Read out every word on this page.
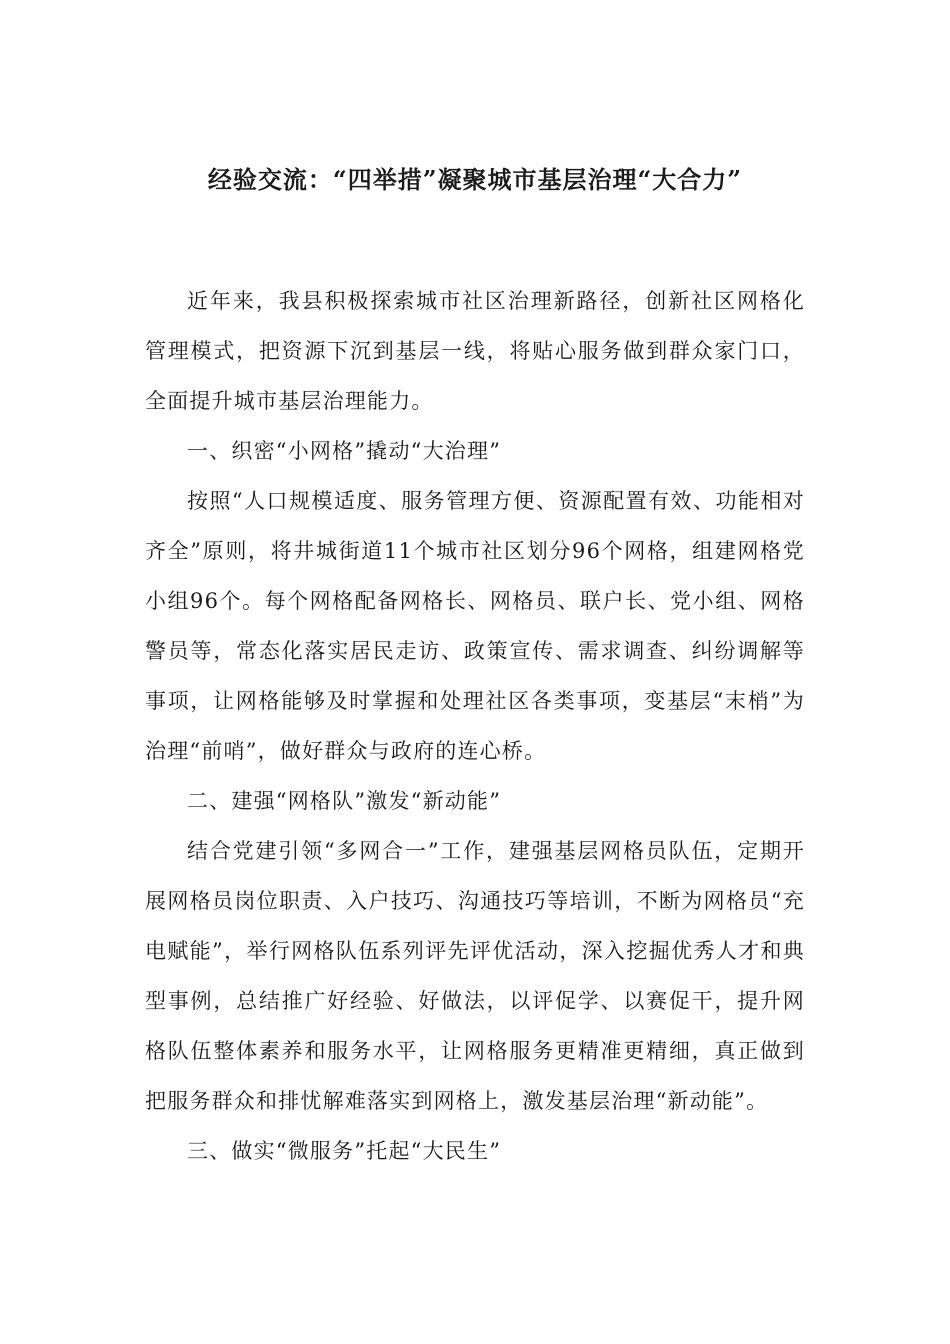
经验交流：“四举措”凝聚城市基层治理“大合力”

近年来，我县积极探索城市社区治理新路径，创新社区网格化管理模式，把资源下沉到基层一线，将贴心服务做到群众家门口，全面提升城市基层治理能力。

一、织密“小网格”撬动“大治理”

按照“人口规模适度、服务管理方便、资源配置有效、功能相对齐全”原则，将井城街道11个城市社区划分96个网格，组建网格党小组96个。每个网格配备网格长、网格员、联户长、党小组、网格警员等，常态化落实居民走访、政策宣传、需求调查、纠纷调解等事项，让网格能够及时掌握和处理社区各类事项，变基层“末梢”为治理“前哨”，做好群众与政府的连心桥。

二、建强“网格队”激发“新动能”

结合党建引领“多网合一”工作，建强基层网格员队伍，定期开展网格员岗位职责、入户技巧、沟通技巧等培训，不断为网格员“充电赋能”，举行网格队伍系列评先评优活动，深入挖掘优秀人才和典型事例，总结推广好经验、好做法，以评促学、以赛促干，提升网格队伍整体素养和服务水平，让网格服务更精准更精细，真正做到把服务群众和排忧解难落实到网格上，激发基层治理“新动能”。

三、做实“微服务”托起“大民生”
